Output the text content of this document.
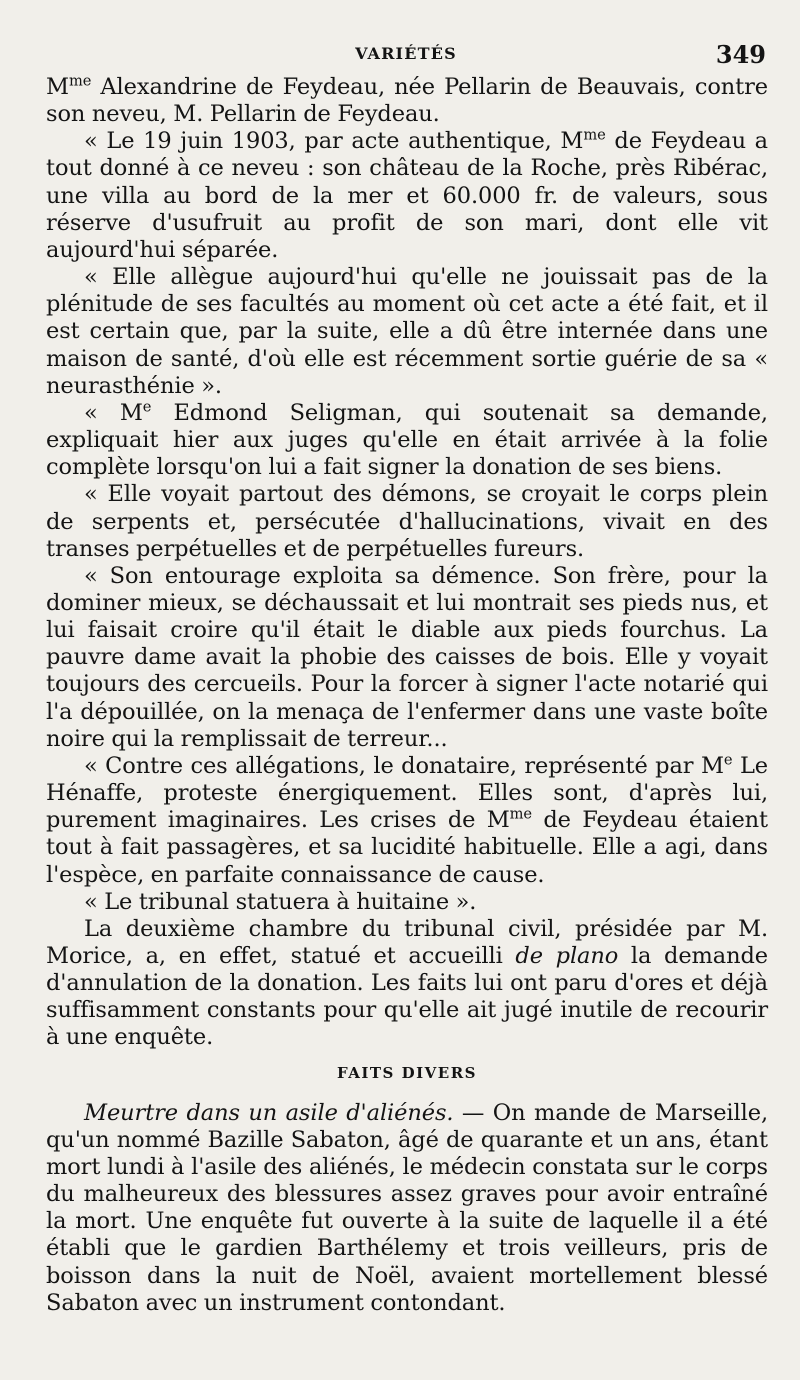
VARIÉTÉS	349

$M^{me}$ Alexandrine de Feydeau, née Pellarin de Beauvais, contre son neveu, M. Pellarin de Feydeau.

« Le 19 juin 1903, par acte authentique, $M^{me}$ de Feydeau a tout donné à ce neveu : son château de la Roche, près Ribérac, une villa au bord de la mer et 60.000 fr. de valeurs, sous réserve d'usufruit au profit de son mari, dont elle vit aujourd'hui séparée.

« Elle allègue aujourd'hui qu'elle ne jouissait pas de la plénitude de ses facultés au moment où cet acte a été fait, et il est certain que, par la suite, elle a dû être internée dans une maison de santé, d'où elle est récemment sortie guérie de sa « neurasthénie ».

« Me Edmond Seligman, qui soutenait sa demande, expliquait hier aux juges qu'elle en était arrivée à la folie complète lorsqu'on lui a fait signer la donation de ses biens.

« Elle voyait partout des démons, se croyait le corps plein de serpents et, persécutée d'hallucinations, vivait en des transes perpétuelles et de perpétuelles fureurs.

« Son entourage exploita sa démence. Son frère, pour la dominer mieux, se déchaussait et lui montrait ses pieds nus, et lui faisait croire qu'il était le diable aux pieds fourchus. La pauvre dame avait la phobie des caisses de bois. Elle y voyait toujours des cercueils. Pour la forcer à signer l'acte notarié qui l'a dépouillée, on la menaça de l'enfermer dans une vaste boîte noire qui la remplissait de terreur...

« Contre ces allégations, le donataire, représenté par Me Le Hénaffe, proteste énergiquement. Elles sont, d'après lui, purement imaginaires. Les crises de $M^{me}$ de Feydeau étaient tout à fait passagères, et sa lucidité habituelle. Elle a agi, dans l'espèce, en parfaite connaissance de cause.

« Le tribunal statuera à huitaine ».

La deuxième chambre du tribunal civil, présidée par M. Morice, a, en effet, statué et accueilli de plano la demande d'annulation de la donation. Les faits lui ont paru d'ores et déjà suffisamment constants pour qu'elle ait jugé inutile de recourir à une enquête.

FAITS DIVERS

Meurtre dans un asile d'aliénés. — On mande de Marseille, qu'un nommé Bazille Sabaton, âgé de quarante et un ans, étant mort lundi à l'asile des aliénés, le médecin constata sur le corps du malheureux des blessures assez graves pour avoir entraîné la mort. Une enquête fut ouverte à la suite de laquelle il a été établi que le gardien Barthélemy et trois veilleurs, pris de boisson dans la nuit de Noël, avaient mortellement blessé Sabaton avec un instrument contondant.
